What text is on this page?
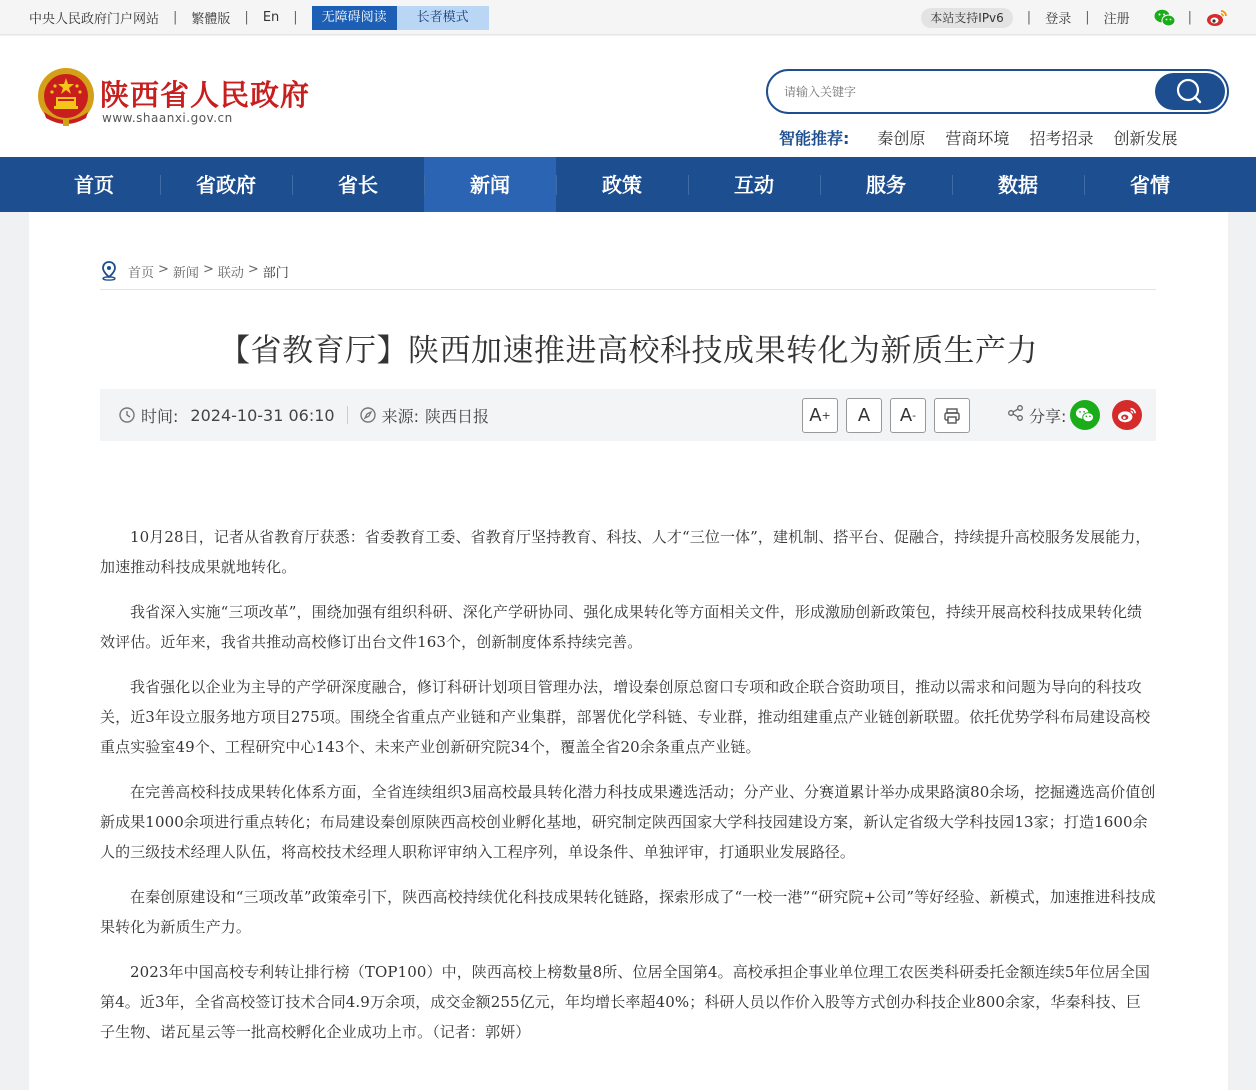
中央人民政府门户网站 | 繁體版 | En |	无障碍阅读	长者模式	本站支持IPv6	| 登录 | 注册	|
陕西省人民政府
www.shaanxi.gov.cn
请输入关键字
智能推荐: 秦创原 营商环境 招考招录 创新发展
首页	省政府	省长	新闻	政策	互动	服务	数据	省情
首页 > 新闻 > 联动 > 部门
【省教育厅】陕西加速推进高校科技成果转化为新质生产力
时间: 2024-10-31 06:10	来源: 陕西日报	A + A A -	分享:

10月28日，记者从省教育厅获悉：省委教育工委、省教育厅坚持教育、科技、人才“三位一体”，建机制、搭平台、促融合，持续提升高校服务发展能力，加速推动科技成果就地转化。

我省深入实施“三项改革”，围绕加强有组织科研、深化产学研协同、强化成果转化等方面相关文件，形成激励创新政策包，持续开展高校科技成果转化绩效评估。近年来，我省共推动高校修订出台文件163个，创新制度体系持续完善。

我省强化以企业为主导的产学研深度融合，修订科研计划项目管理办法，增设秦创原总窗口专项和政企联合资助项目，推动以需求和问题为导向的科技攻关，近3年设立服务地方项目275项。围绕全省重点产业链和产业集群，部署优化学科链、专业群，推动组建重点产业链创新联盟。依托优势学科布局建设高校重点实验室49个、工程研究中心143个、未来产业创新研究院34个，覆盖全省20余条重点产业链。

在完善高校科技成果转化体系方面，全省连续组织3届高校最具转化潜力科技成果遴选活动；分产业、分赛道累计举办成果路演80余场，挖掘遴选高价值创新成果1000余项进行重点转化；布局建设秦创原陕西高校创业孵化基地，研究制定陕西国家大学科技园建设方案，新认定省级大学科技园13家；打造1600余人的三级技术经理人队伍，将高校技术经理人职称评审纳入工程序列，单设条件、单独评审，打通职业发展路径。

在秦创原建设和“三项改革”政策牵引下，陕西高校持续优化科技成果转化链路，探索形成了“一校一港”“研究院+公司”等好经验、新模式，加速推进科技成果转化为新质生产力。

2023年中国高校专利转让排行榜（TOP100）中，陕西高校上榜数量8所、位居全国第4。高校承担企事业单位理工农医类科研委托金额连续5年位居全国第4。近3年，全省高校签订技术合同4.9万余项，成交金额255亿元，年均增长率超40%；科研人员以作价入股等方式创办科技企业800余家，华秦科技、巨子生物、诺瓦星云等一批高校孵化企业成功上市。（记者：郭妍）
